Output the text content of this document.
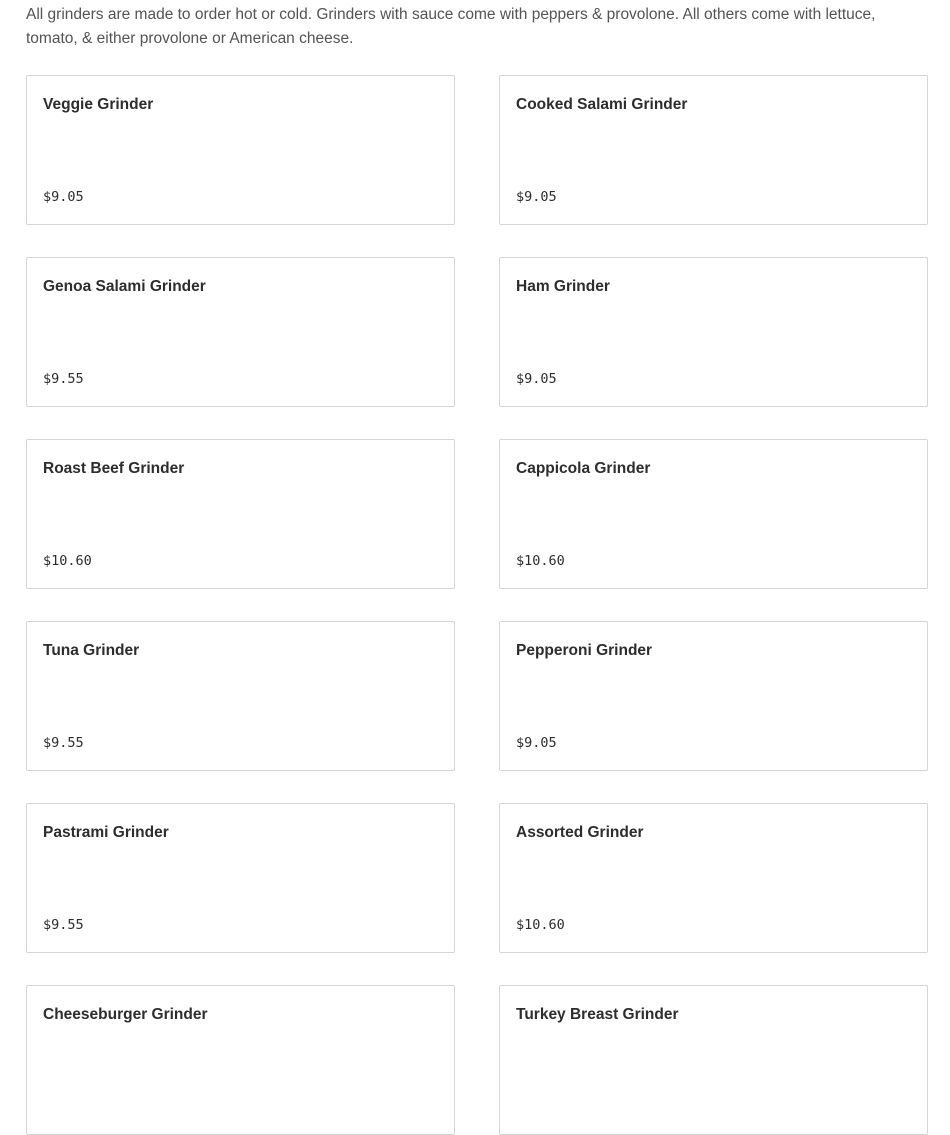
All grinders are made to order hot or cold. Grinders with sauce come with peppers & provolone. All others come with lettuce, tomato, & either provolone or American cheese.

Veggie Grinder
$9.05
Cooked Salami Grinder
$9.05
Genoa Salami Grinder
$9.55
Ham Grinder
$9.05
Roast Beef Grinder
$10.60
Cappicola Grinder
$10.60
Tuna Grinder
$9.55
Pepperoni Grinder
$9.05
Pastrami Grinder
$9.55
Assorted Grinder
$10.60
Cheeseburger Grinder	Turkey Breast Grinder
